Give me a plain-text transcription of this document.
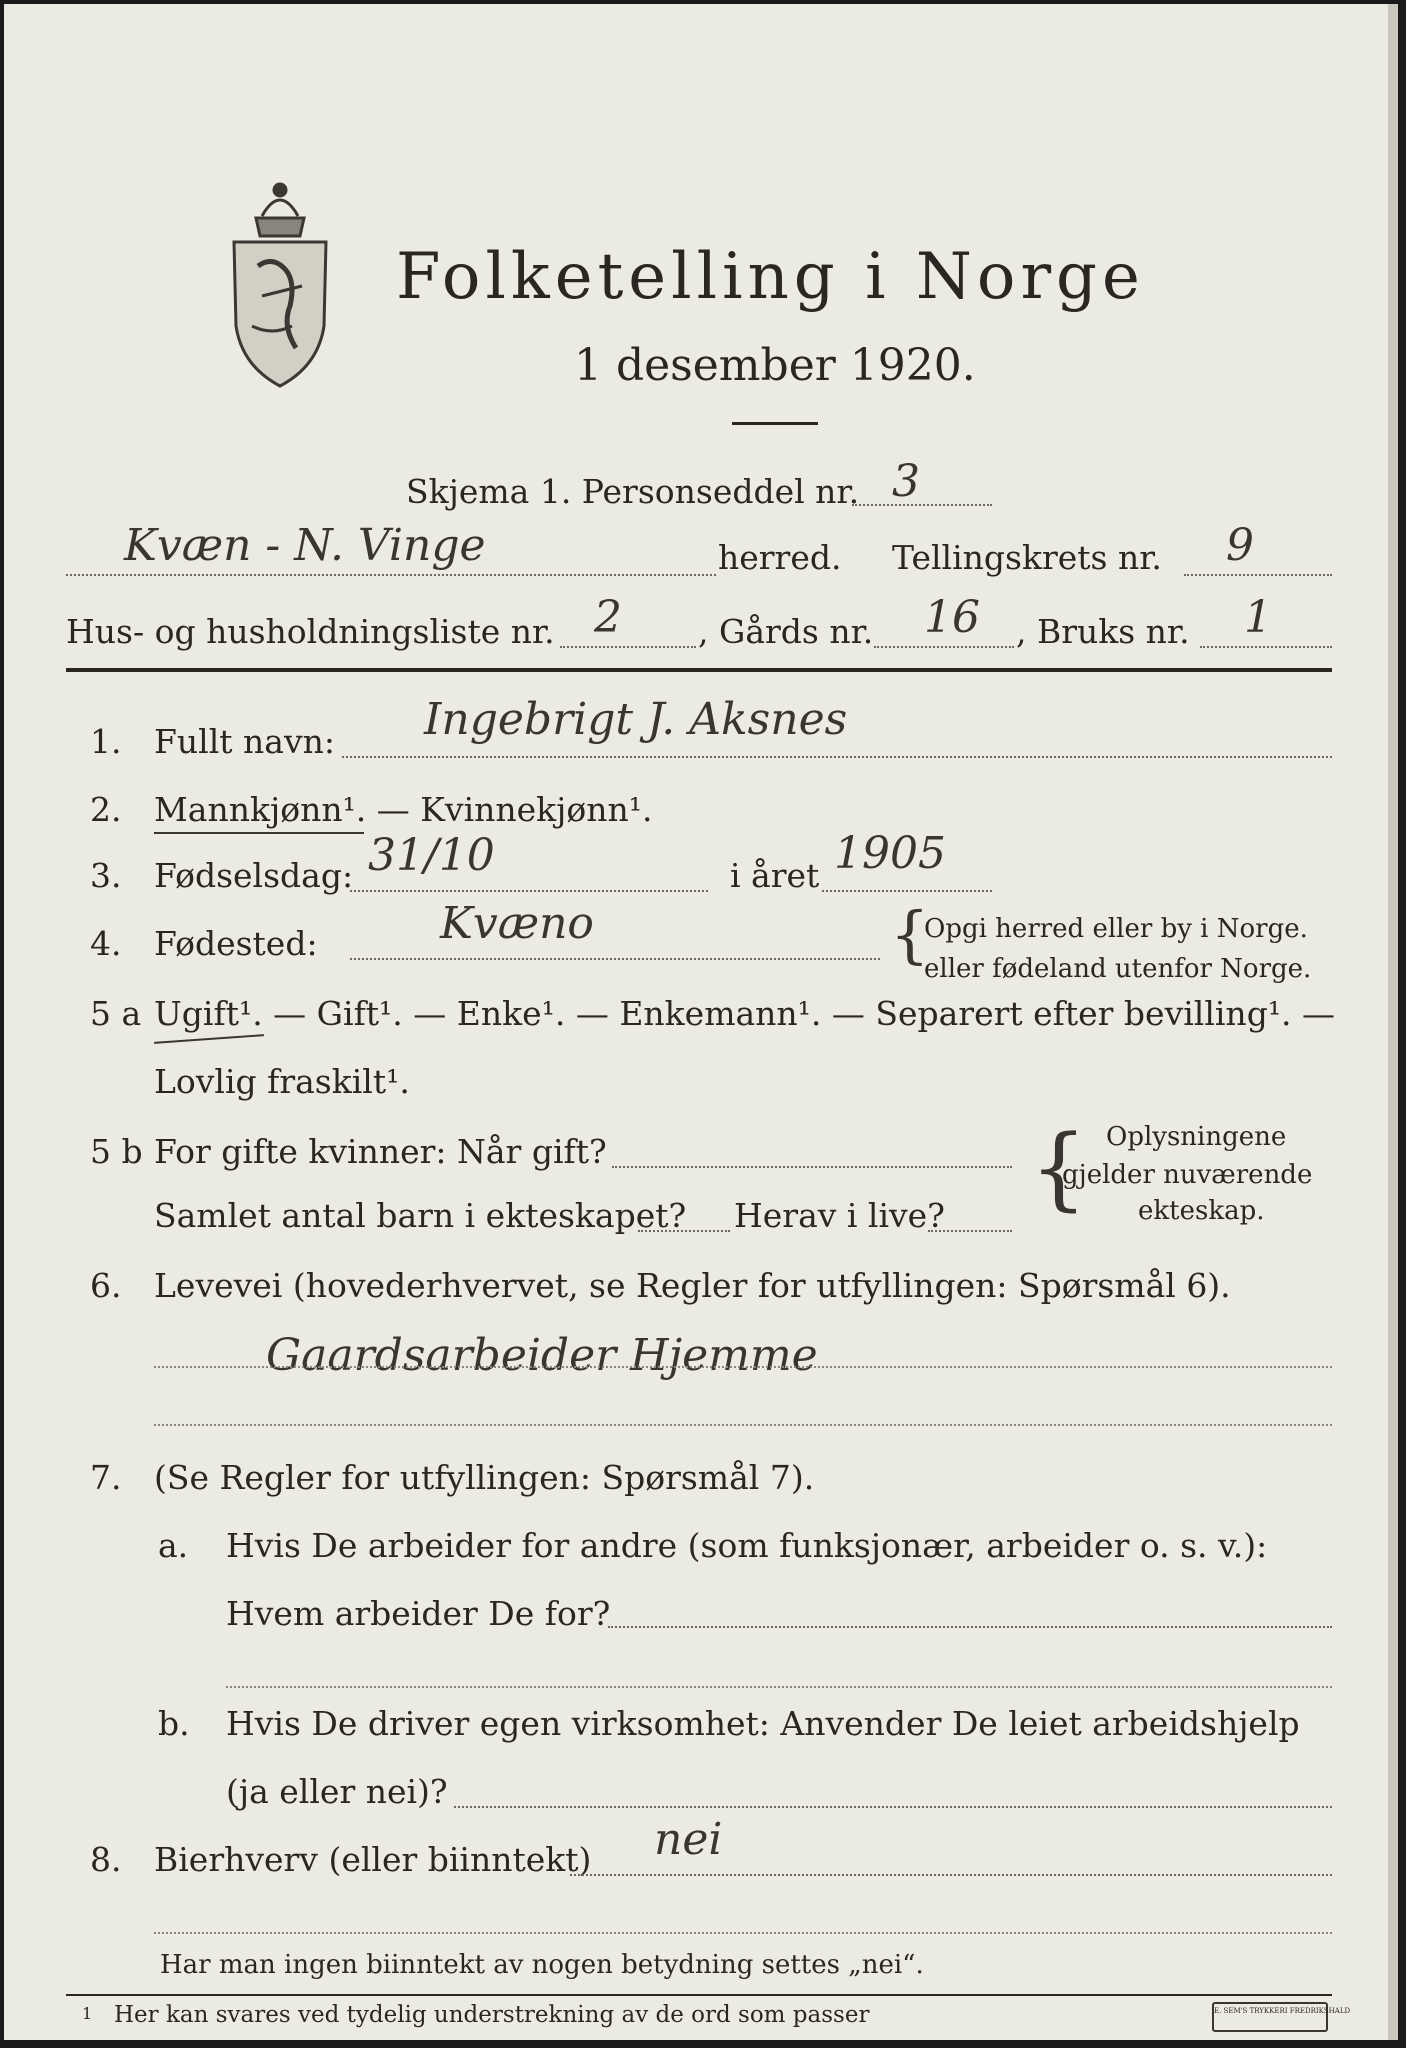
Folketelling i Norge
1 desember 1920.
Skjema 1. Personseddel nr. 3
Kvæn - N. Vinge	herred. Tellingskrets nr. 9
Hus- og husholdningsliste nr. 2 , Gårds nr. 16 , Bruks nr. 1
1. Fullt navn: Ingebrigt J. Aksnes
2. Mannkjønn¹. — Kvinnekjønn¹.
3. Fødselsdag: 31/10	i året 1905
4. Fødested:	Kvæno	{
Opgi herred eller by i Norge.
eller fødeland utenfor Norge.
5 a Ugift¹. — Gift¹. — Enke¹. — Enkemann¹. — Separert efter bevilling¹. —
Lovlig fraskilt¹.
5 b For gifte kvinner: Når gift?
Samlet antal barn i ekteskapet? Herav i live? { Oplysningene
gjelder nuværende
ekteskap.
6. Levevei (hovederhvervet, se Regler for utfyllingen: Spørsmål 6).
Gaardsarbeider Hjemme
7. (Se Regler for utfyllingen: Spørsmål 7).
a. Hvis De arbeider for andre (som funksjonær, arbeider o. s. v.):
Hvem arbeider De for?
b. Hvis De driver egen virksomhet: Anvender De leiet arbeidshjelp
(ja eller nei)?
8. Bierhverv (eller biinntekt) nei
Har man ingen biinntekt av nogen betydning settes „nei“.
1 Her kan svares ved tydelig understrekning av de ord som passer	E. SEM'S TRYKKERI FREDRIKSHALD
